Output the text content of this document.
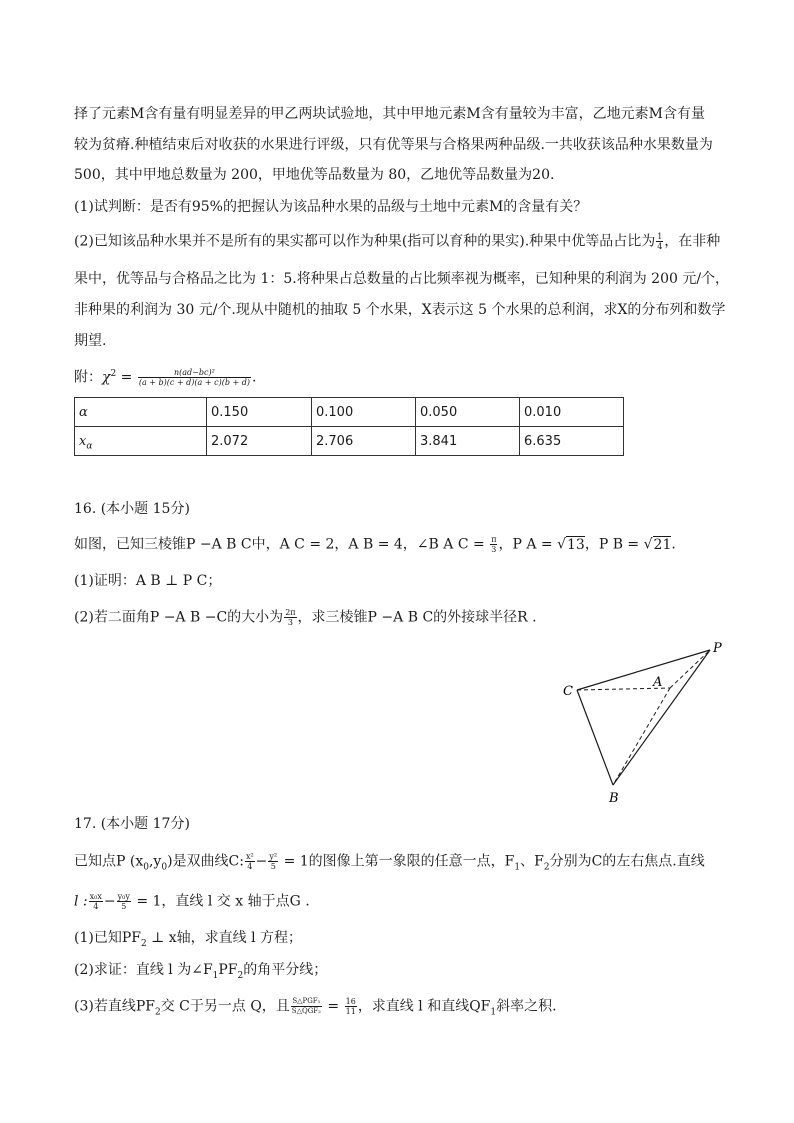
择了元素M含有量有明显差异的甲乙两块试验地，其中甲地元素M含有量较为丰富，乙地元素M含有量
较为贫瘠.种植结束后对收获的水果进行评级，只有优等果与合格果两种品级.一共收获该品种水果数量为
500，其中甲地总数量为 200，甲地优等品数量为 80，乙地优等品数量为20.
(1)试判断：是否有95%的把握认为该品种水果的品级与土地中元素M的含量有关？
(2)已知该品种水果并不是所有的果实都可以作为种果(指可以育种的果实).种果中优等品占比为 $\frac{1}{4}$ ，在非种
果中，优等品与合格品之比为 1：5.将种果占总数量的占比频率视为概率，已知种果的利润为 200 元/个，
非种果的利润为 30 元/个.现从中随机的抽取 5 个水果，X表示这 5 个水果的总利润，求X的分布列和数学
期望.
附：$\chi^2 = \frac{\text{n(ad−bc)²}}{(a + b)(c + d)(a + c)(b + d)}$ .
α	0.150	0.100	0.050	0.010
$x_\alpha$	2.072	2.706	3.841	6.635
16. (本小题 15分)
如图，已知三棱锥P −A B C中，A C = 2，A B = 4，∠B A $C = \frac{\pi}{3}$ ，P A = √13，P B = √21.
(1)证明：A B ⊥ P C；
(2)若二面角P −A B −C的大小为 $\frac{2\pi}{3}$ ，求三棱锥P −A B C的外接球半径R .
P
A
B
C
17. (本小题 17分)
已知点P $(x_0,y_0)$是双曲线C: $\frac{\text{x²}}{4} - \frac{\text{y²}}{5} = 1$的图像上第一象限的任意一点，$F_1$、$F_2$分别为C的左右焦点.直线
l : $\frac{\text{x₀x}}{4} - \frac{\text{y₀y}}{5} = 1$，直线 l 交 x 轴于点G .
(1)已知$PF_2$ ⊥ x轴，求直线 l 方程；
(2)求证：直线 l 为$\angle F_1PF_2$的角平分线；
(3)若直线$PF_2$交 C于另一点 Q，且 $\frac{\text{S△PGF₁}}{\text{S△QGF₂}} = \frac{16}{11}$ ，求直线 l 和直线$QF_1$斜率之积.
